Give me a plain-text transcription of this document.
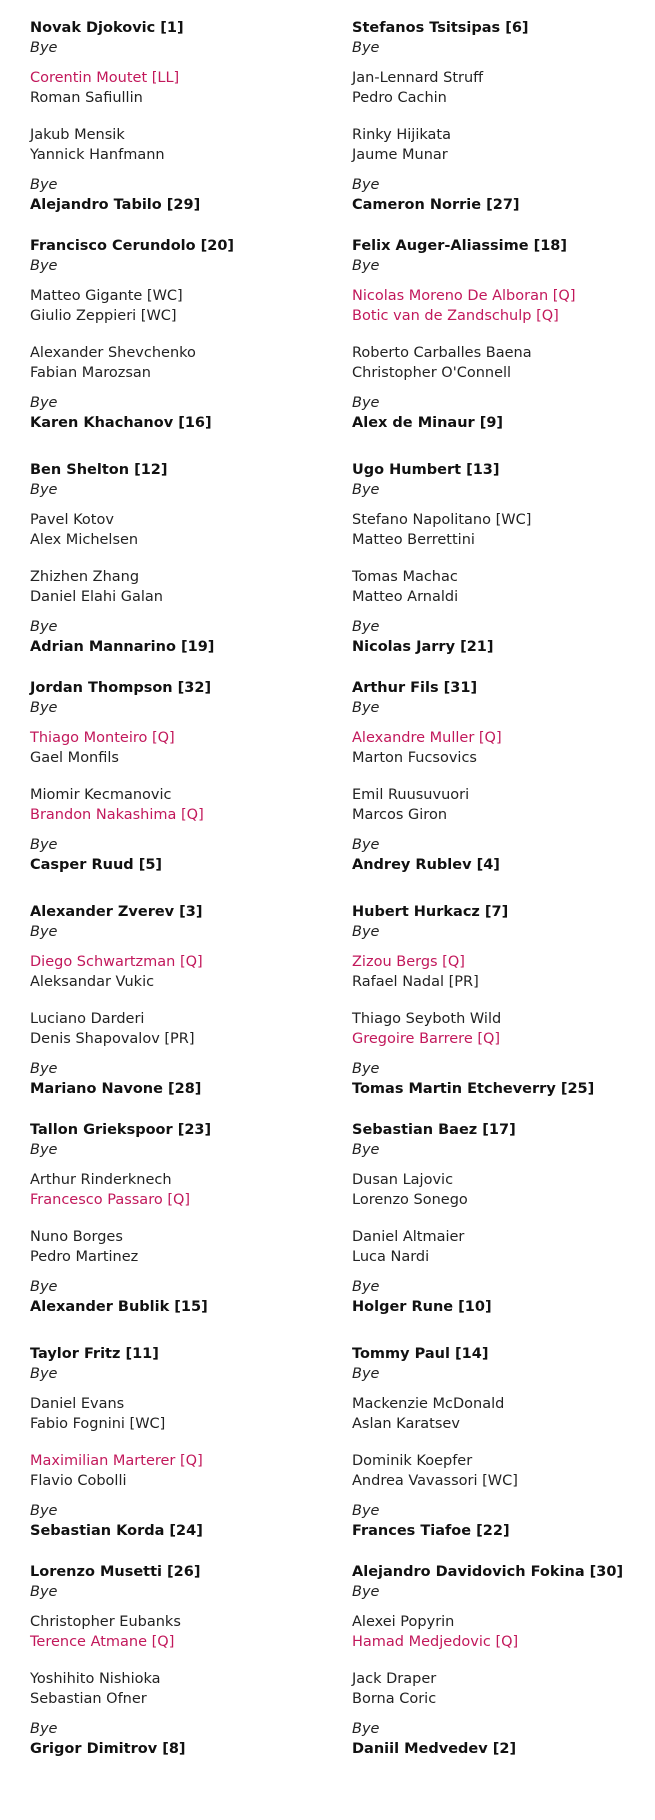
Novak Djokovic [1]
Bye
Corentin Moutet [LL]
Roman Safiullin
Jakub Mensik
Yannick Hanfmann
Bye
Alejandro Tabilo [29]
Francisco Cerundolo [20]
Bye
Matteo Gigante [WC]
Giulio Zeppieri [WC]
Alexander Shevchenko
Fabian Marozsan
Bye
Karen Khachanov [16]
Ben Shelton [12]
Bye
Pavel Kotov
Alex Michelsen
Zhizhen Zhang
Daniel Elahi Galan
Bye
Adrian Mannarino [19]
Jordan Thompson [32]
Bye
Thiago Monteiro [Q]
Gael Monfils
Miomir Kecmanovic
Brandon Nakashima [Q]
Bye
Casper Ruud [5]
Alexander Zverev [3]
Bye
Diego Schwartzman [Q]
Aleksandar Vukic
Luciano Darderi
Denis Shapovalov [PR]
Bye
Mariano Navone [28]
Tallon Griekspoor [23]
Bye
Arthur Rinderknech
Francesco Passaro [Q]
Nuno Borges
Pedro Martinez
Bye
Alexander Bublik [15]
Taylor Fritz [11]
Bye
Daniel Evans
Fabio Fognini [WC]
Maximilian Marterer [Q]
Flavio Cobolli
Bye
Sebastian Korda [24]
Lorenzo Musetti [26]
Bye
Christopher Eubanks
Terence Atmane [Q]
Yoshihito Nishioka
Sebastian Ofner
Bye
Grigor Dimitrov [8]
Stefanos Tsitsipas [6]
Bye
Jan-Lennard Struff
Pedro Cachin
Rinky Hijikata
Jaume Munar
Bye
Cameron Norrie [27]
Felix Auger-Aliassime [18]
Bye
Nicolas Moreno De Alboran [Q]
Botic van de Zandschulp [Q]
Roberto Carballes Baena
Christopher O'Connell
Bye
Alex de Minaur [9]
Ugo Humbert [13]
Bye
Stefano Napolitano [WC]
Matteo Berrettini
Tomas Machac
Matteo Arnaldi
Bye
Nicolas Jarry [21]
Arthur Fils [31]
Bye
Alexandre Muller [Q]
Marton Fucsovics
Emil Ruusuvuori
Marcos Giron
Bye
Andrey Rublev [4]
Hubert Hurkacz [7]
Bye
Zizou Bergs [Q]
Rafael Nadal [PR]
Thiago Seyboth Wild
Gregoire Barrere [Q]
Bye
Tomas Martin Etcheverry [25]
Sebastian Baez [17]
Bye
Dusan Lajovic
Lorenzo Sonego
Daniel Altmaier
Luca Nardi
Bye
Holger Rune [10]
Tommy Paul [14]
Bye
Mackenzie McDonald
Aslan Karatsev
Dominik Koepfer
Andrea Vavassori [WC]
Bye
Frances Tiafoe [22]
Alejandro Davidovich Fokina [30]
Bye
Alexei Popyrin
Hamad Medjedovic [Q]
Jack Draper
Borna Coric
Bye
Daniil Medvedev [2]
